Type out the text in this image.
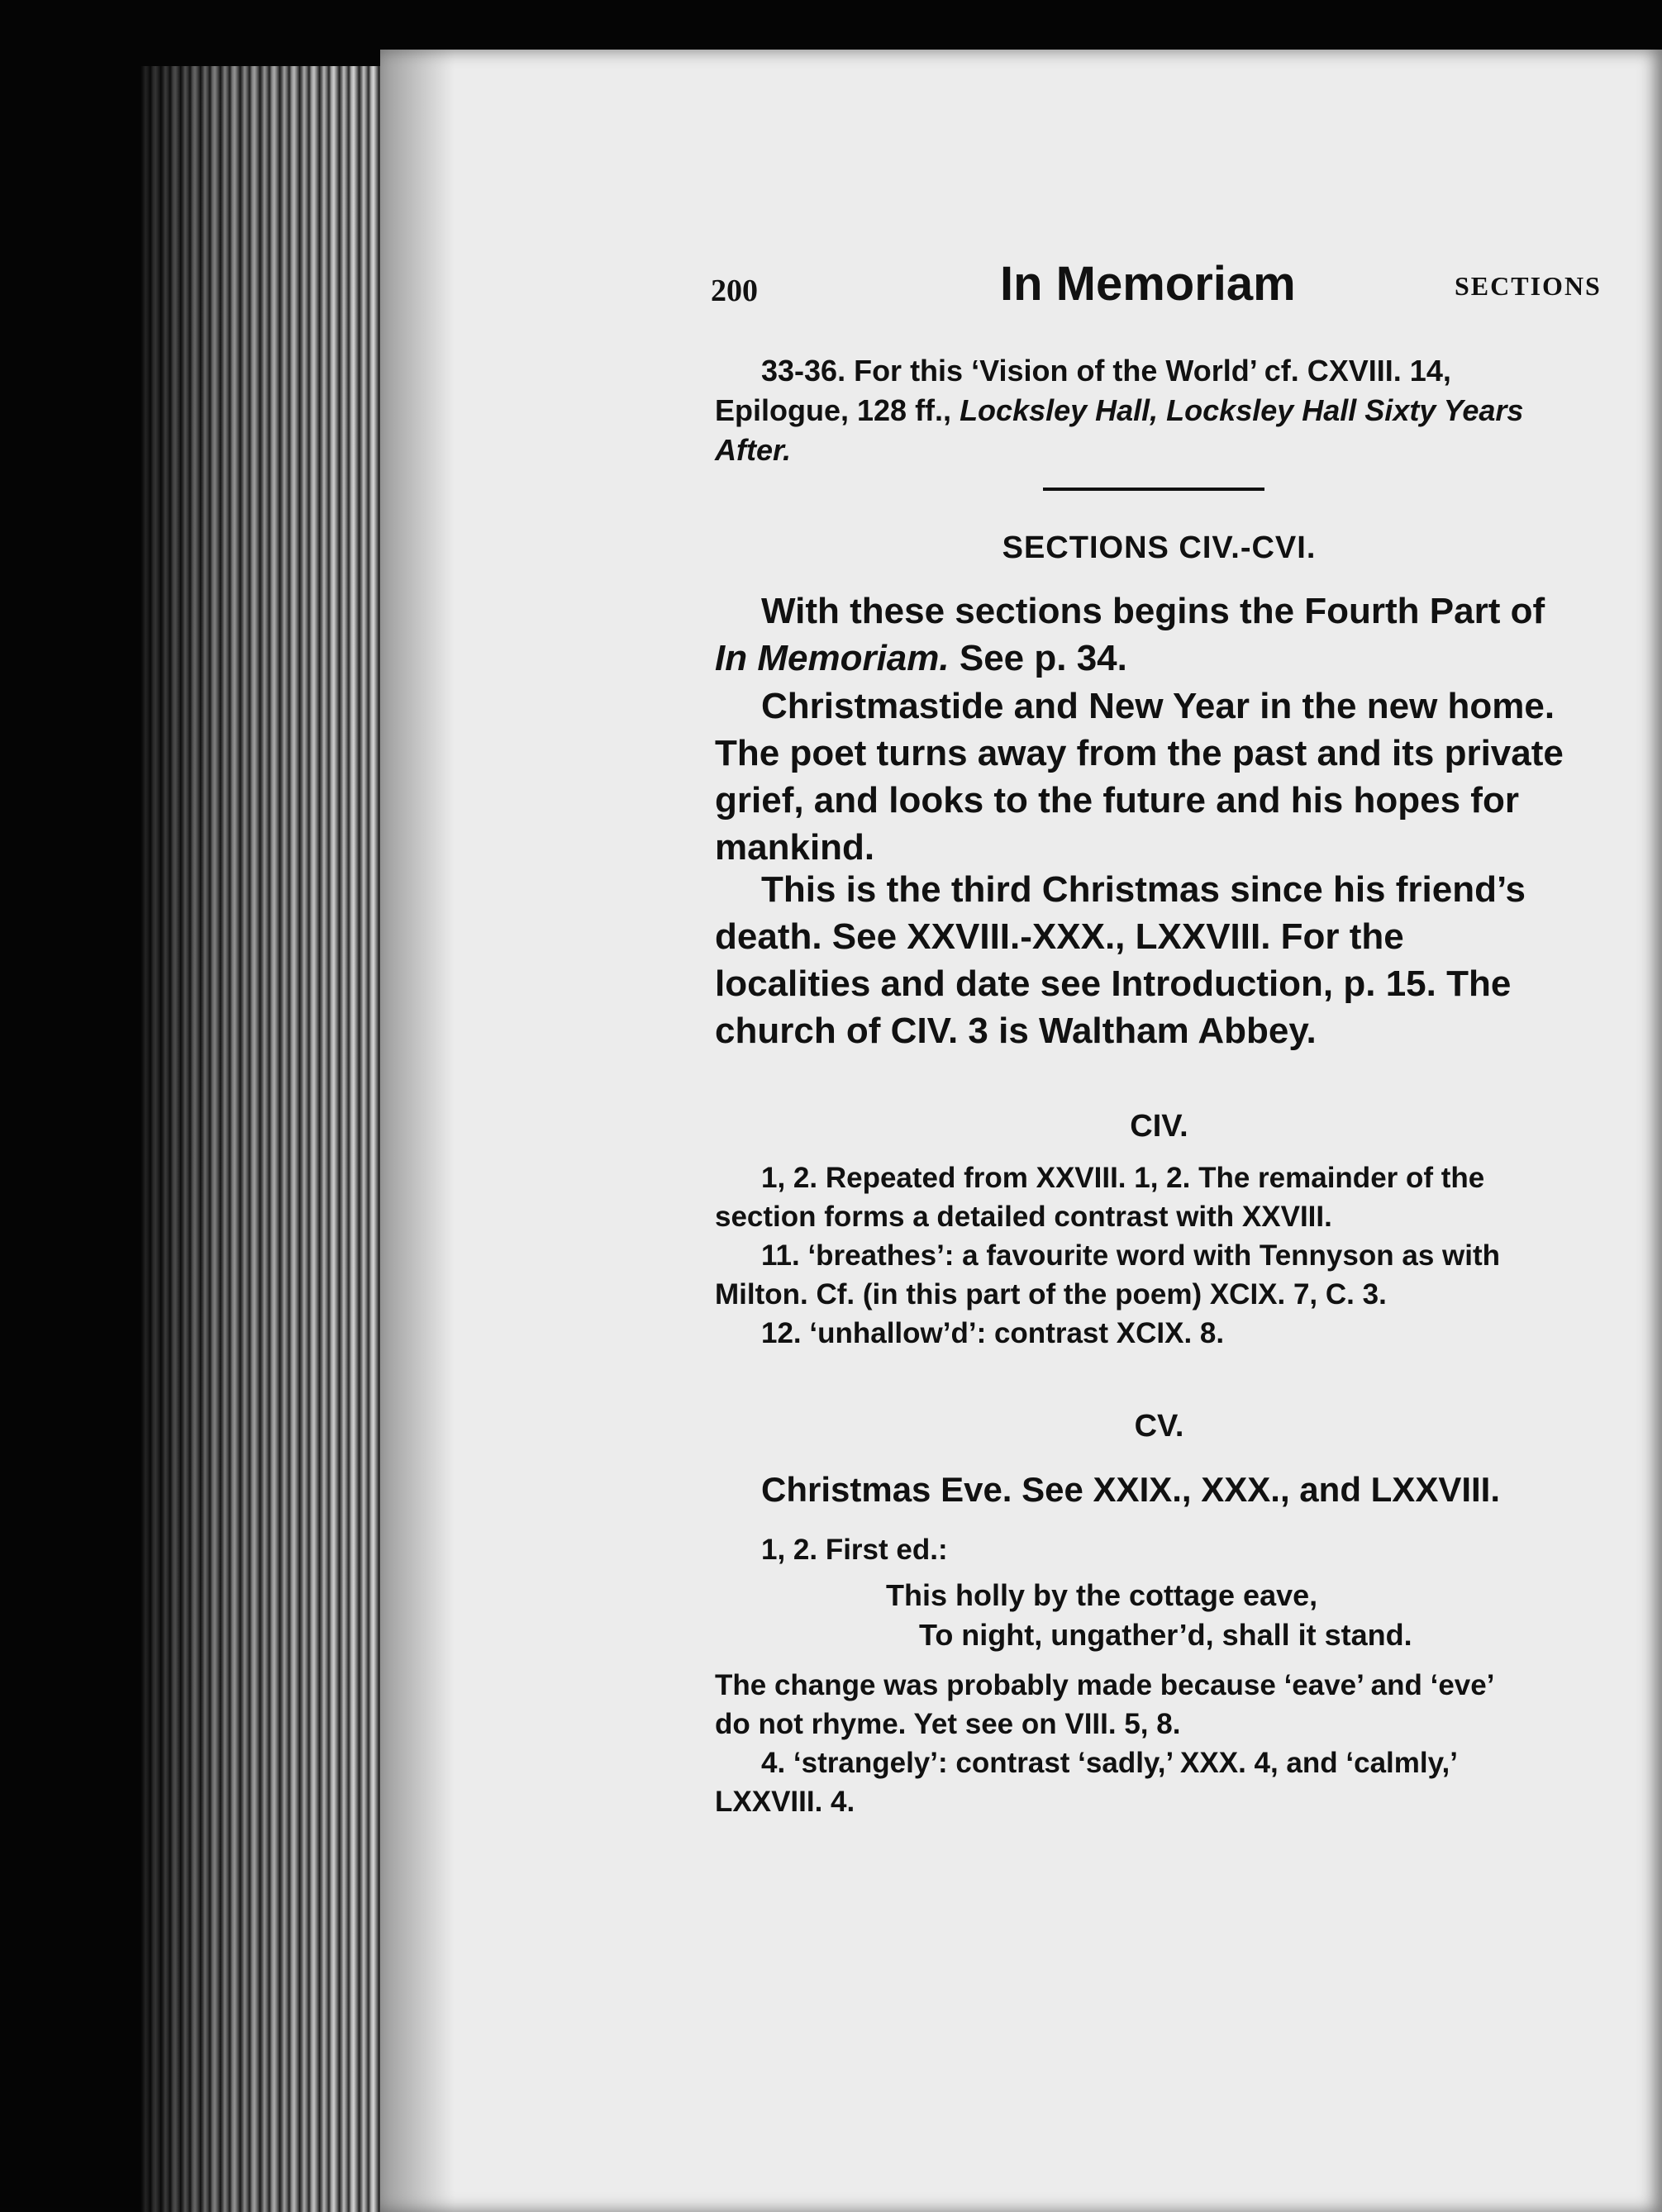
200	In Memoriam	SECTIONS
33-36. For this ‘Vision of the World’ cf. CXVIII. 14,
Epilogue, 128 ff., Locksley Hall, Locksley Hall Sixty Years
After.
SECTIONS CIV.-CVI.
With these sections begins the Fourth Part of
In Memoriam. See p. 34.
Christmastide and New Year in the new home.
The poet turns away from the past and its private
grief, and looks to the future and his hopes for
mankind.
This is the third Christmas since his friend’s
death. See XXVIII.-XXX., LXXVIII. For the
localities and date see Introduction, p. 15. The
church of CIV. 3 is Waltham Abbey.
CIV.
1, 2. Repeated from XXVIII. 1, 2. The remainder of the
section forms a detailed contrast with XXVIII.
11. ‘breathes’: a favourite word with Tennyson as with
Milton. Cf. (in this part of the poem) XCIX. 7, C. 3.
12. ‘unhallow’d’: contrast XCIX. 8.
CV.
Christmas Eve. See XXIX., XXX., and LXXVIII.
1, 2. First ed.:
This holly by the cottage eave,
To night, ungather’d, shall it stand.
The change was probably made because ‘eave’ and ‘eve’
do not rhyme. Yet see on VIII. 5, 8.
4. ‘strangely’: contrast ‘sadly,’ XXX. 4, and ‘calmly,’
LXXVIII. 4.
